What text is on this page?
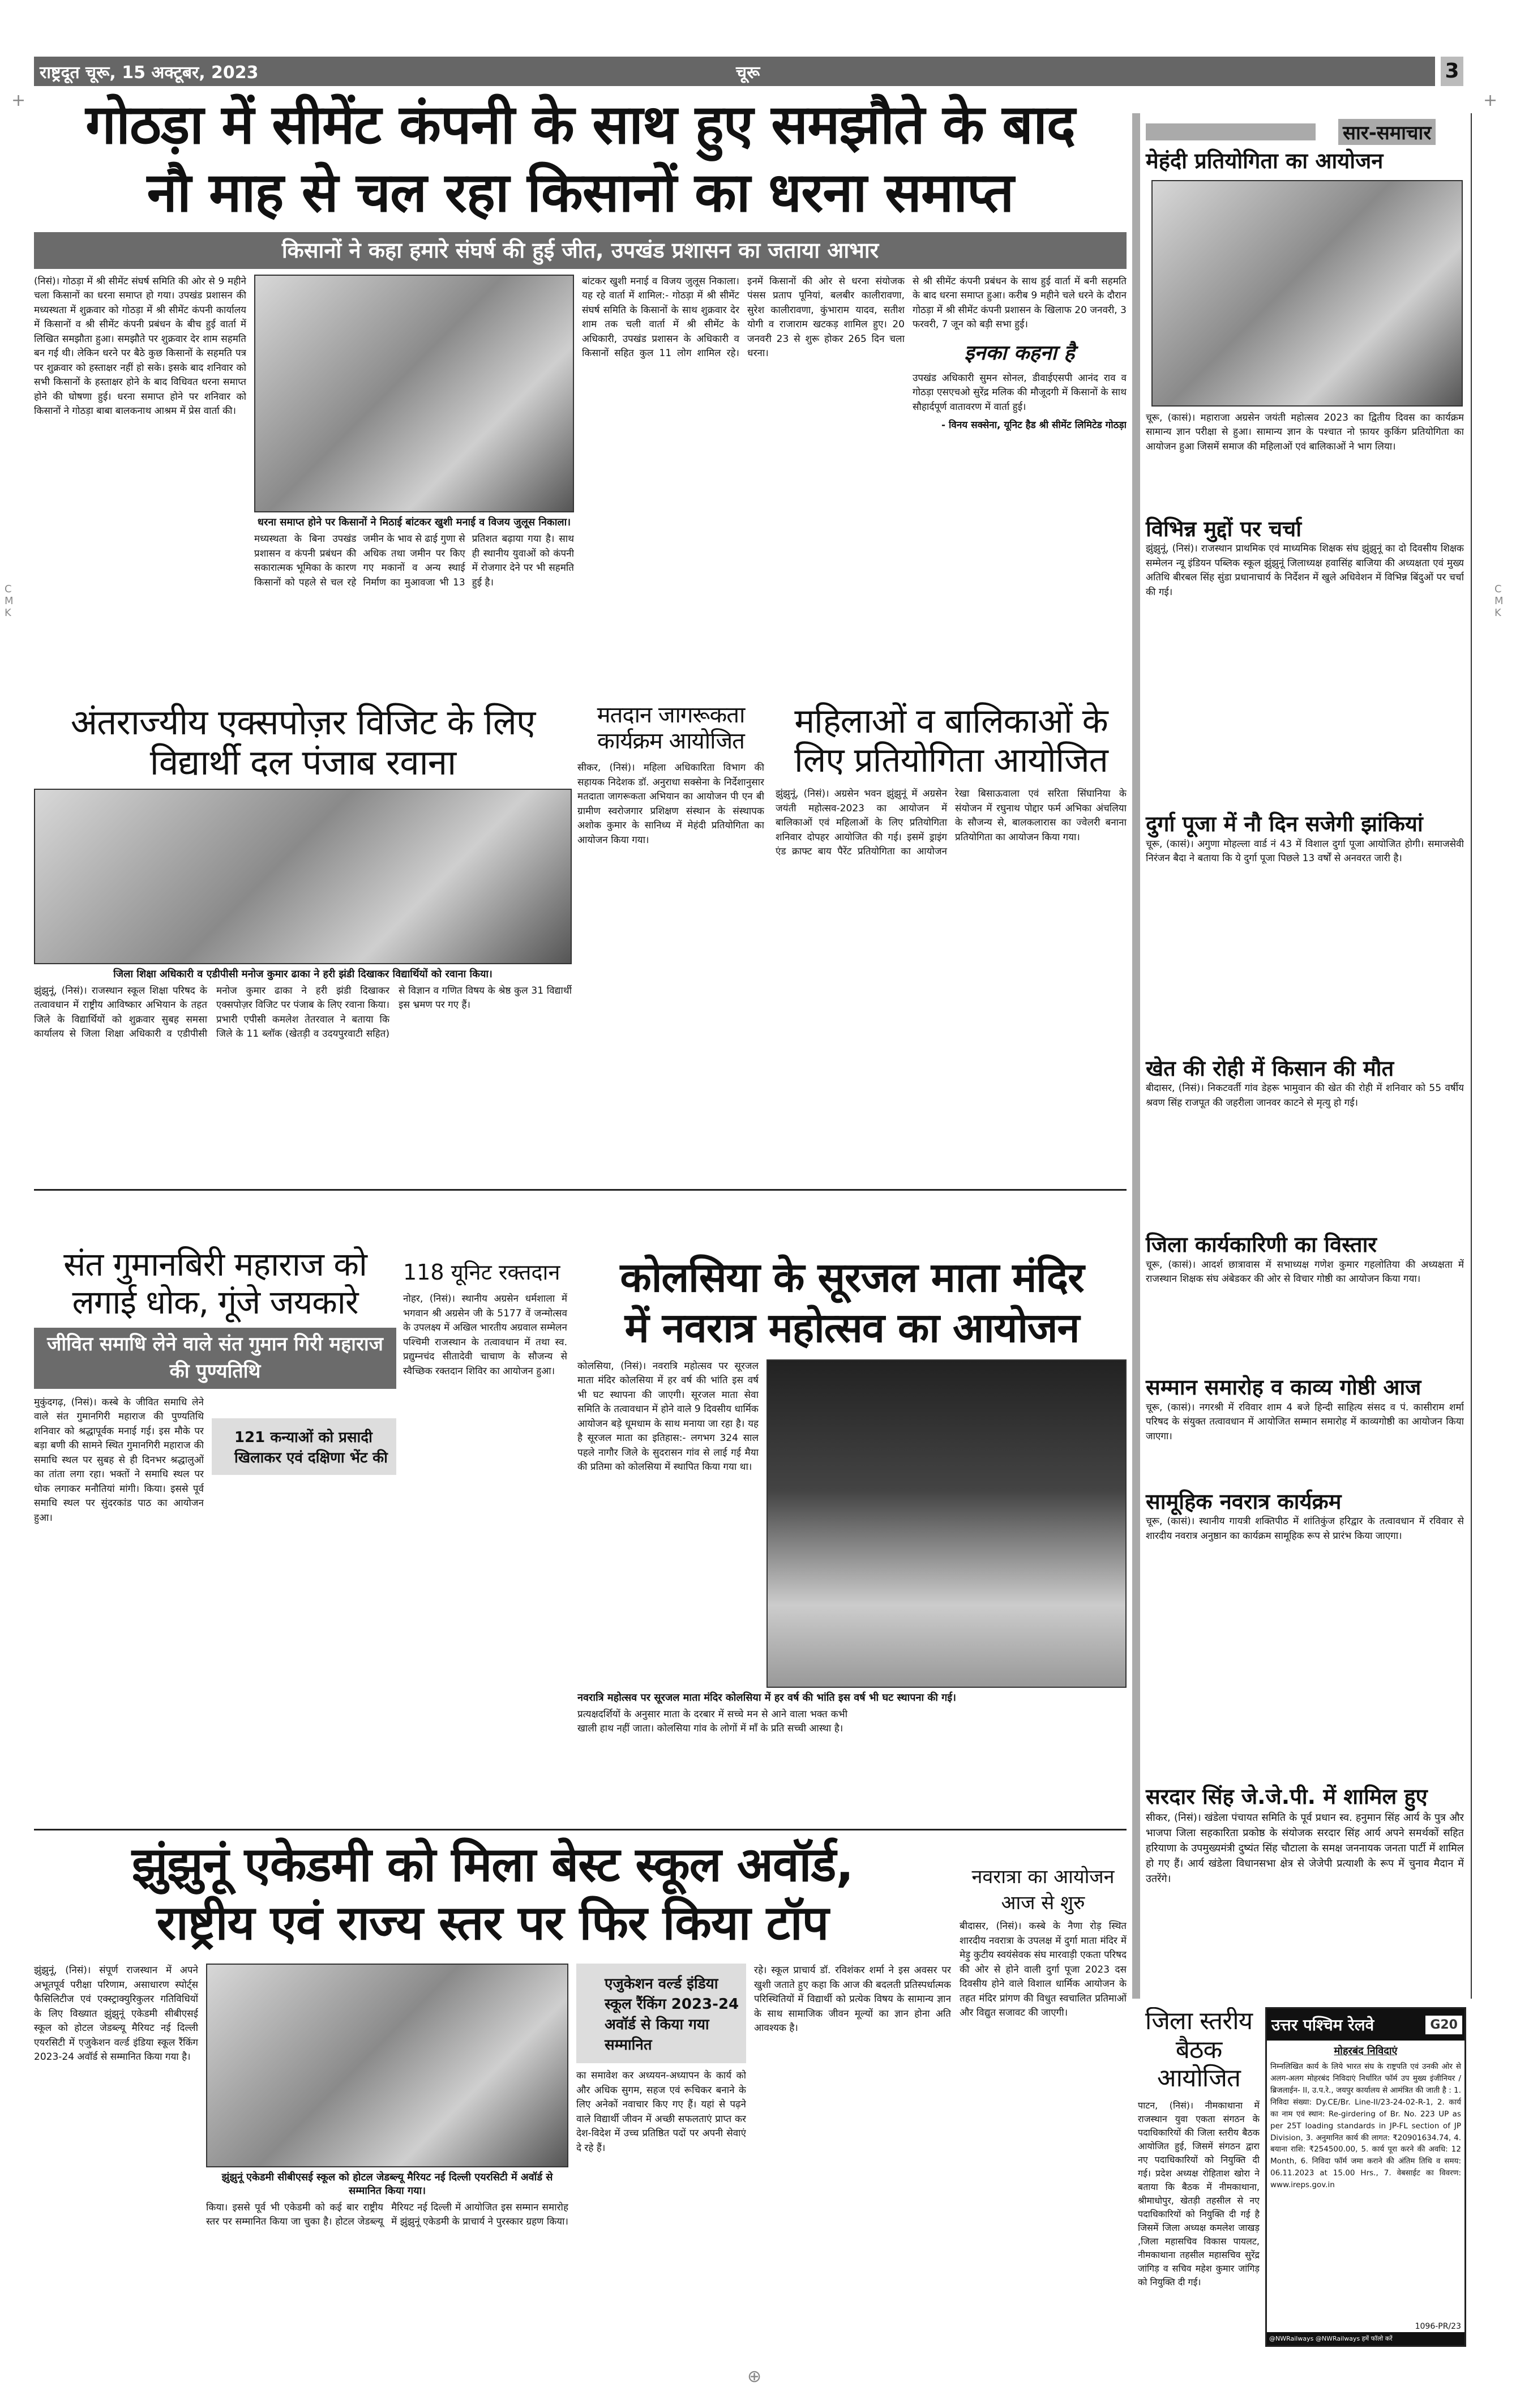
राष्ट्रदूत चूरू, 15 अक्टूबर, 2023	चूरू	3
गोठड़ा में सीमेंट कंपनी के साथ हुए समझौते के बाद
नौ माह से चल रहा किसानों का धरना समाप्त
किसानों ने कहा हमारे संघर्ष की हुई जीत, उपखंड प्रशासन का जताया आभार
(निसं)। गोठड़ा में श्री सीमेंट संघर्ष समिति की ओर से 9 महीने चला किसानों का धरना समाप्त हो गया। उपखंड प्रशासन की मध्यस्थता में शुक्रवार को गोठड़ा में श्री सीमेंट कंपनी कार्यालय में किसानों व श्री सीमेंट कंपनी प्रबंधन के बीच हुई वार्ता में लिखित समझौता हुआ। समझौते पर शुक्रवार देर शाम सहमति बन गई थी। लेकिन धरने पर बैठे कुछ किसानों के सहमति पत्र पर शुक्रवार को हस्ताक्षर नहीं हो सके। इसके बाद शनिवार को सभी किसानों के हस्ताक्षर होने के बाद विधिवत धरना समाप्त होने की घोषणा हुई। धरना समाप्त होने पर शनिवार को किसानों ने गोठड़ा बाबा बालकनाथ आश्रम में प्रेस वार्ता की।
धरना समाप्त होने पर किसानों ने मिठाई बांटकर खुशी मनाई व विजय जुलूस निकाला।
मध्यस्थता के बिना उपखंड प्रशासन व कंपनी प्रबंधन की सकारात्मक भूमिका के कारण किसानों को पहले से चल रहे जमीन के भाव से ढाई गुणा से अधिक तथा जमीन पर किए गए मकानों व अन्य स्थाई निर्माण का मुआवजा भी 13 प्रतिशत बढ़ाया गया है। साथ ही स्थानीय युवाओं को कंपनी में रोजगार देने पर भी सहमति हुई है।
बांटकर खुशी मनाई व विजय जुलूस निकाला। यह रहे वार्ता में शामिल:- गोठड़ा में श्री सीमेंट संघर्ष समिति के किसानों के साथ शुक्रवार देर शाम तक चली वार्ता में श्री सीमेंट के अधिकारी, उपखंड प्रशासन के अधिकारी व किसानों सहित कुल 11 लोग शामिल रहे। इनमें किसानों की ओर से धरना संयोजक पंसस प्रताप पूनियां, बलबीर कालीरावणा, सुरेश कालीरावणा, कुंभाराम यादव, सतीश योगी व राजाराम खटकड़ शामिल हुए। 20 जनवरी 23 से शुरू होकर 265 दिन चला धरना।
से श्री सीमेंट कंपनी प्रबंधन के साथ हुई वार्ता में बनी सहमति के बाद धरना समाप्त हुआ। करीब 9 महीने चले धरने के दौरान गोठड़ा में श्री सीमेंट कंपनी प्रशासन के खिलाफ 20 जनवरी, 3 फरवरी, 7 जून को बड़ी सभा हुई।
इनका कहना है
उपखंड अधिकारी सुमन सोनल, डीवाईएसपी आनंद राव व गोठड़ा एसएचओ सुरेंद्र मलिक की मौजूदगी में किसानों के साथ सौहार्दपूर्ण वातावरण में वार्ता हुई।
- विनय सक्सेना, यूनिट हैड श्री सीमेंट लिमिटेड गोठड़ा
सार-समाचार
मेहंदी प्रतियोगिता का आयोजन
चूरू, (कासं)। महाराजा अग्रसेन जयंती महोत्सव 2023 का द्वितीय दिवस का कार्यक्रम सामान्य ज्ञान परीक्षा से हुआ। सामान्य ज्ञान के पश्चात नो फ़ायर कुकिंग प्रतियोगिता का आयोजन हुआ जिसमें समाज की महिलाओं एवं बालिकाओं ने भाग लिया।
विभिन्न मुद्दों पर चर्चा
झुंझुनूं, (निसं)। राजस्थान प्राथमिक एवं माध्यमिक शिक्षक संघ झुंझुनूं का दो दिवसीय शिक्षक सम्मेलन न्यू इंडियन पब्लिक स्कूल झुंझुनूं जिलाध्यक्ष हवासिंह बाजिया की अध्यक्षता एवं मुख्य अतिथि बीरबल सिंह सुंडा प्रधानाचार्य के निर्देशन में खुले अधिवेशन में विभिन्न बिंदुओं पर चर्चा की गई।
दुर्गा पूजा में नौ दिन सजेगी झांकियां
चूरू, (कासं)। अगुणा मोहल्ला वार्ड नं 43 में विशाल दुर्गा पूजा आयोजित होगी। समाजसेवी निरंजन बैदा ने बताया कि ये दुर्गा पूजा पिछले 13 वर्षों से अनवरत जारी है।
खेत की रोही में किसान की मौत
बीदासर, (निसं)। निकटवर्ती गांव डेहरू भामुवान की खेत की रोही में शनिवार को 55 वर्षीय श्रवण सिंह राजपूत की जहरीला जानवर काटने से मृत्यु हो गई।
जिला कार्यकारिणी का विस्तार
चूरू, (कासं)। आदर्श छात्रावास में सभाध्यक्ष गणेश कुमार गहलोतिया की अध्यक्षता में राजस्थान शिक्षक संघ अंबेडकर की ओर से विचार गोष्ठी का आयोजन किया गया।
सम्मान समारोह व काव्य गोष्ठी आज
चूरू, (कासं)। नगरश्री में रविवार शाम 4 बजे हिन्दी साहित्य संसद व पं. कासीराम शर्मा परिषद के संयुक्त तत्वावधान में आयोजित सम्मान समारोह में काव्यगोष्ठी का आयोजन किया जाएगा।
सामूहिक नवरात्र कार्यक्रम
चूरू, (कासं)। स्थानीय गायत्री शक्तिपीठ में शांतिकुंज हरिद्वार के तत्वावधान में रविवार से शारदीय नवरात्र अनुष्ठान का कार्यक्रम सामूहिक रूप से प्रारंभ किया जाएगा।
सरदार सिंह जे.जे.पी. में शामिल हुए
सीकर, (निसं)। खंडेला पंचायत समिति के पूर्व प्रधान स्व. हनुमान सिंह आर्य के पुत्र और भाजपा जिला सहकारिता प्रकोष्ठ के संयोजक सरदार सिंह आर्य अपने समर्थकों सहित हरियाणा के उपमुख्यमंत्री दुष्यंत सिंह चौटाला के समक्ष जननायक जनता पार्टी में शामिल हो गए हैं। आर्य खंडेला विधानसभा क्षेत्र से जेजेपी प्रत्याशी के रूप में चुनाव मैदान में उतरेंगे।
अंतराज्यीय एक्सपोज़र विजिट के लिए विद्यार्थी दल पंजाब रवाना
जिला शिक्षा अधिकारी व एडीपीसी मनोज कुमार ढाका ने हरी झंडी दिखाकर विद्यार्थियों को रवाना किया।
झुंझुनूं, (निसं)। राजस्थान स्कूल शिक्षा परिषद के तत्वावधान में राष्ट्रीय आविष्कार अभियान के तहत जिले के विद्यार्थियों को शुक्रवार सुबह समसा कार्यालय से जिला शिक्षा अधिकारी व एडीपीसी मनोज कुमार ढाका ने हरी झंडी दिखाकर एक्सपोज़र विजिट पर पंजाब के लिए रवाना किया। प्रभारी एपीसी कमलेश तेतरवाल ने बताया कि जिले के 11 ब्लॉक (खेतड़ी व उदयपुरवाटी सहित) से विज्ञान व गणित विषय के श्रेष्ठ कुल 31 विद्यार्थी इस भ्रमण पर गए हैं।
मतदान जागरूकता कार्यक्रम आयोजित
सीकर, (निसं)। महिला अधिकारिता विभाग की सहायक निदेशक डॉ. अनुराधा सक्सेना के निर्देशानुसार मतदाता जागरूकता अभियान का आयोजन पी एन बी ग्रामीण स्वरोजगार प्रशिक्षण संस्थान के संस्थापक अशोक कुमार के सानिध्य में मेहंदी प्रतियोगिता का आयोजन किया गया।
महिलाओं व बालिकाओं के लिए प्रतियोगिता आयोजित
झुंझुनूं, (निसं)। अग्रसेन भवन झुंझुनूं में अग्रसेन जयंती महोत्सव-2023 का आयोजन में बालिकाओं एवं महिलाओं के लिए प्रतियोगिता शनिवार दोपहर आयोजित की गई। इसमें ड्राइंग एंड क्राफ्ट बाय पैरेंट प्रतियोगिता का आयोजन रेखा बिसाऊवाला एवं सरिता सिंघानिया के संयोजन में रघुनाथ पोद्दार फर्म अभिका अंचलिया के सौजन्य से, बालकलारास का ज्वेलरी बनाना प्रतियोगिता का आयोजन किया गया।
संत गुमानबिरी महाराज को लगाई धोक, गूंजे जयकारे
जीवित समाधि लेने वाले संत गुमान गिरी महाराज की पुण्यतिथि
मुकुंदगढ़, (निसं)। कस्बे के जीवित समाधि लेने वाले संत गुमानगिरी महाराज की पुण्यतिथि शनिवार को श्रद्धापूर्वक मनाई गई। इस मौके पर बड़ा बणी की सामने स्थित गुमानगिरी महाराज की समाधि स्थल पर सुबह से ही दिनभर श्रद्धालुओं का तांता लगा रहा। भक्तों ने समाधि स्थल पर धोक लगाकर मनौतियां मांगी। किया। इससे पूर्व समाधि स्थल पर सुंदरकांड पाठ का आयोजन हुआ।
121 कन्याओं को प्रसादी खिलाकर एवं दक्षिणा भेंट की
118 यूनिट रक्तदान
नोहर, (निसं)। स्थानीय अग्रसेन धर्मशाला में भगवान श्री अग्रसेन जी के 5177 वें जन्मोत्सव के उपलक्ष्य में अखिल भारतीय अग्रवाल सम्मेलन पश्चिमी राजस्थान के तत्वावधान में तथा स्व. प्रद्युम्नचंद सीतादेवी चाचाण के सौजन्य से स्वैच्छिक रक्तदान शिविर का आयोजन हुआ।
कोलसिया के सूरजल माता मंदिर
में नवरात्र महोत्सव का आयोजन
कोलसिया, (निसं)। नवरात्रि महोत्सव पर सूरजल माता मंदिर कोलसिया में हर वर्ष की भांति इस वर्ष भी घट स्थापना की जाएगी। सूरजल माता सेवा समिति के तत्वावधान में होने वाले 9 दिवसीय धार्मिक आयोजन बड़े धूमधाम के साथ मनाया जा रहा है। यह है सूरजल माता का इतिहास:- लगभग 324 साल पहले नागौर जिले के सुदरासन गांव से लाई गई मैया की प्रतिमा को कोलसिया में स्थापित किया गया था।
नवरात्रि महोत्सव पर सूरजल माता मंदिर कोलसिया में हर वर्ष की भांति इस वर्ष भी घट स्थापना की गई।
प्रत्यक्षदर्शियों के अनुसार माता के दरबार में सच्चे मन से आने वाला भक्त कभी खाली हाथ नहीं जाता। कोलसिया गांव के लोगों में माँ के प्रति सच्ची आस्था है।
झुंझुनूं एकेडमी को मिला बेस्ट स्कूल अवॉर्ड,
राष्ट्रीय एवं राज्य स्तर पर फिर किया टॉप
झुंझुनूं, (निसं)। संपूर्ण राजस्थान में अपने अभूतपूर्व परीक्षा परिणाम, असाधारण स्पोर्ट्स फैसिलिटीज एवं एक्स्ट्राक्युरिकुलर गतिविधियों के लिए विख्यात झुंझुनूं एकेडमी सीबीएसई स्कूल को होटल जेडब्ल्यू मैरियट नई दिल्ली एयरसिटी में एजुकेशन वर्ल्ड इंडिया स्कूल रैंकिंग 2023-24 अवॉर्ड से सम्मानित किया गया है।
झुंझुनूं एकेडमी सीबीएसई स्कूल को होटल जेडब्ल्यू मैरियट नई दिल्ली एयरसिटी में अवॉर्ड से सम्मानित किया गया।
किया। इससे पूर्व भी एकेडमी को कई बार राष्ट्रीय स्तर पर सम्मानित किया जा चुका है। होटल जेडब्ल्यू मैरियट नई दिल्ली में आयोजित इस सम्मान समारोह में झुंझुनूं एकेडमी के प्राचार्य ने पुरस्कार ग्रहण किया।
एजुकेशन वर्ल्ड इंडिया स्कूल रैंकिंग 2023-24 अवॉर्ड से किया गया सम्मानित
का समावेश कर अध्ययन-अध्यापन के कार्य को और अधिक सुगम, सहज एवं रूचिकर बनाने के लिए अनेकों नवाचार किए गए हैं। यहां से पढ़ने वाले विद्यार्थी जीवन में अच्छी सफलताएं प्राप्त कर देश-विदेश में उच्च प्रतिष्ठित पदों पर अपनी सेवाएं दे रहे हैं।
रहे। स्कूल प्राचार्य डॉ. रविशंकर शर्मा ने इस अवसर पर खुशी जताते हुए कहा कि आज की बदलती प्रतिस्पर्धात्मक परिस्थितियों में विद्यार्थी को प्रत्येक विषय के सामान्य ज्ञान के साथ सामाजिक जीवन मूल्यों का ज्ञान होना अति आवश्यक है।
नवरात्रा का आयोजन
आज से शुरु
बीदासर, (निसं)। कस्बे के नैणा रोड़ स्थित शारदीय नवरात्रा के उपलक्ष में दुर्गा माता मंदिर में मेड़ु कुटीय स्वयंसेवक संघ मारवाड़ी एकता परिषद की ओर से होने वाली दुर्गा पूजा 2023 दस दिवसीय होने वाले विशाल धार्मिक आयोजन के तहत मंदिर प्रांगण की विधुत स्वचालित प्रतिमाओं और विद्युत सजावट की जाएगी।	जिला स्तरीय बैठक आयोजित
पाटन, (निसं)। नीमकाथाना में राजस्थान युवा एकता संगठन के पदाधिकारियों की जिला स्तरीय बैठक आयोजित हुई, जिसमें संगठन द्वारा नए पदाधिकारियों को नियुक्ति दी गई। प्रदेश अध्यक्ष रोहिताश खोरा ने बताया कि बैठक में नीमकाथाना, श्रीमाधोपुर, खेतड़ी तहसील से नए पदाधिकारियों को नियुक्ति दी गई है जिसमें जिला अध्यक्ष कमलेश जाखड़ ,जिला महासचिव विकास पायलट, नीमकाथाना तहसील महासचिव सुरेंद्र जांगिड़ व सचिव महेश कुमार जांगिड़ को नियुक्ति दी गई।
उत्तर पश्चिम रेलवे	G20
मोहरबंद निविदाएं
निम्नलिखित कार्य के लिये भारत संघ के राष्ट्रपति एवं उनकी ओर से अलग-अलग मोहरबंद निविदाएं निर्धारित फॉर्म उप मुख्य इंजीनियर / ब्रिजलाईन- II, उ.प.रे., जयपुर कार्यालय से आमंत्रित की जाती है : 1. निविदा संख्या: Dy.CE/Br. Line-II/23-24-02-R-1, 2. कार्य का नाम एवं स्थान: Re-girdering of Br. No. 223 UP as per 25T loading standards in JP-FL section of JP Division, 3. अनुमानित कार्य की लागत: ₹20901634.74, 4. बयाना राशि: ₹254500.00, 5. कार्य पूरा करने की अवधि: 12 Month, 6. निविदा फॉर्म जमा कराने की अंतिम तिथि व समय: 06.11.2023 at 15.00 Hrs., 7. वेबसाईट का विवरण: www.ireps.gov.in
1096-PR/23
@NWRailways @NWRailways हमें फॉलो करें
CMK
CMK
⊕
+
+
